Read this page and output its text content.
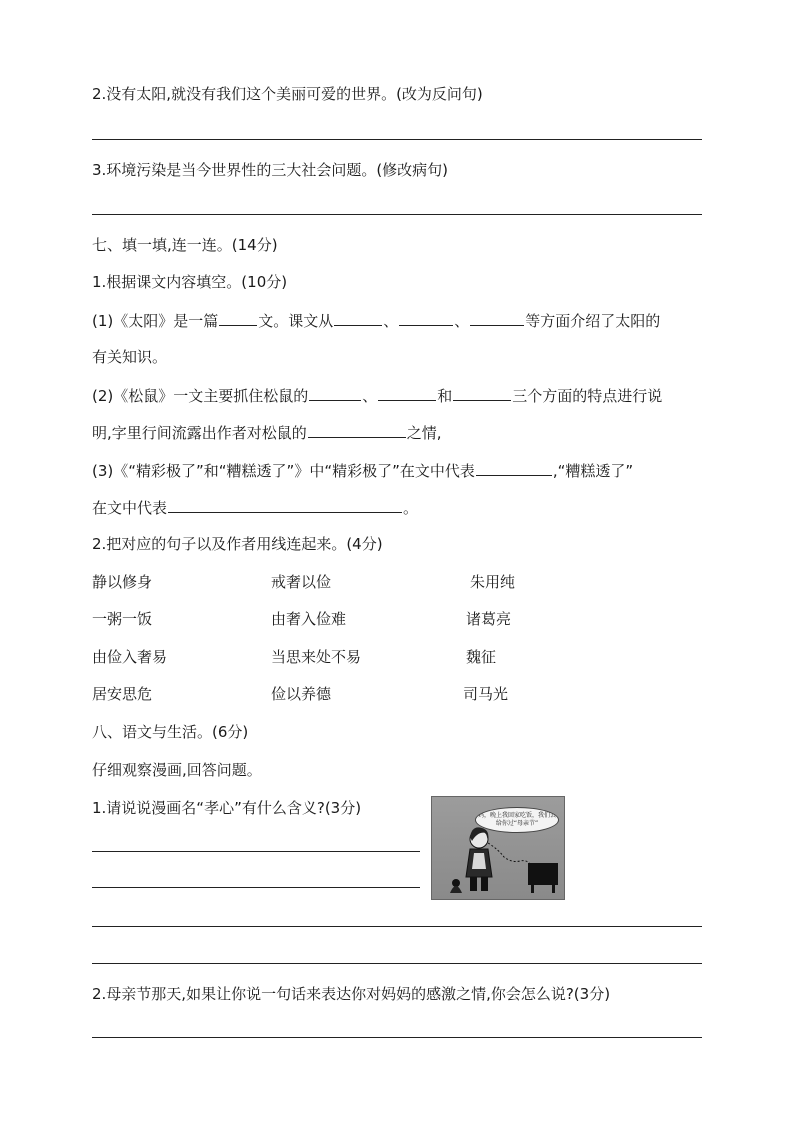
2.没有太阳,就没有我们这个美丽可爱的世界。(改为反问句)
3.环境污染是当今世界性的三大社会问题。(修改病句)
七、填一填,连一连。(14分)
1.根据课文内容填空。(10分)
(1)《太阳》是一篇	文。课文从	、	、	等方面介绍了太阳的
有关知识。
(2)《松鼠》一文主要抓住松鼠的	、	和	三个方面的特点进行说
明,字里行间流露出作者对松鼠的	之情,
(3)《“精彩极了”和“糟糕透了”》中“精彩极了”在文中代表	,“糟糕透了”
在文中代表	。
2.把对应的句子以及作者用线连起来。(4分)
静以修身	戒奢以俭	朱用纯
一粥一饭	由奢入俭难	诸葛亮
由俭入奢易	当思来处不易	魏征
居安思危	俭以养德	司马光
八、语文与生活。(6分)
仔细观察漫画,回答问题。
1.请说说漫画名“孝心”有什么含义?(3分)	妈，晚上我回家吃饭，我们去给你过“母亲节”
2.母亲节那天,如果让你说一句话来表达你对妈妈的感激之情,你会怎么说?(3分)
